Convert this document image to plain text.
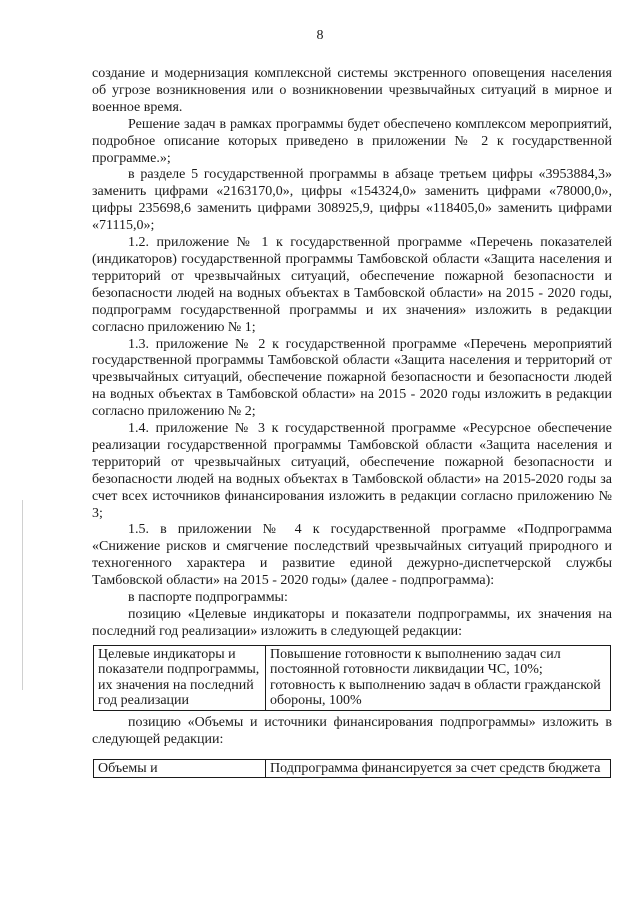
8

создание и модернизация комплексной системы экстренного оповещения населения об угрозе возникновения или о возникновении чрезвычайных ситуаций в мирное и военное время.

Решение задач в рамках программы будет обеспечено комплексом мероприятий, подробное описание которых приведено в приложении № 2 к государственной программе.»;

в разделе 5 государственной программы в абзаце третьем цифры «3953884,3» заменить цифрами «2163170,0», цифры «154324,0» заменить цифрами «78000,0», цифры 235698,6 заменить цифрами 308925,9, цифры «118405,0» заменить цифрами «71115,0»;

1.2. приложение № 1 к государственной программе «Перечень показателей (индикаторов) государственной программы Тамбовской области «Защита населения и территорий от чрезвычайных ситуаций, обеспечение пожарной безопасности и безопасности людей на водных объектах в Тамбовской области» на 2015 - 2020 годы, подпрограмм государственной программы и их значения» изложить в редакции согласно приложению № 1;

1.3. приложение № 2 к государственной программе «Перечень мероприятий государственной программы Тамбовской области «Защита населения и территорий от чрезвычайных ситуаций, обеспечение пожарной безопасности и безопасности людей на водных объектах в Тамбовской области» на 2015 - 2020 годы изложить в редакции согласно приложению № 2;

1.4. приложение № 3 к государственной программе «Ресурсное обеспечение реализации государственной программы Тамбовской области «Защита населения и территорий от чрезвычайных ситуаций, обеспечение пожарной безопасности и безопасности людей на водных объектах в Тамбовской области» на 2015-2020 годы за счет всех источников финансирования изложить в редакции согласно приложению № 3;

1.5. в приложении № 4 к государственной программе «Подпрограмма «Снижение рисков и смягчение последствий чрезвычайных ситуаций природного и техногенного характера и развитие единой дежурно-диспетчерской службы Тамбовской области» на 2015 - 2020 годы» (далее - подпрограмма):

в паспорте подпрограммы:

позицию «Целевые индикаторы и показатели подпрограммы, их значения на последний год реализации» изложить в следующей редакции:

Целевые индикаторы и показатели подпрограммы, их значения на последний год реализации	Повышение готовности к выполнению задач сил постоянной готовности ликвидации ЧС, 10%; готовность к выполнению задач в области гражданской обороны, 100%

позицию «Объемы и источники финансирования подпрограммы» изложить в следующей редакции:

Объемы и	Подпрограмма финансируется за счет средств бюджета
